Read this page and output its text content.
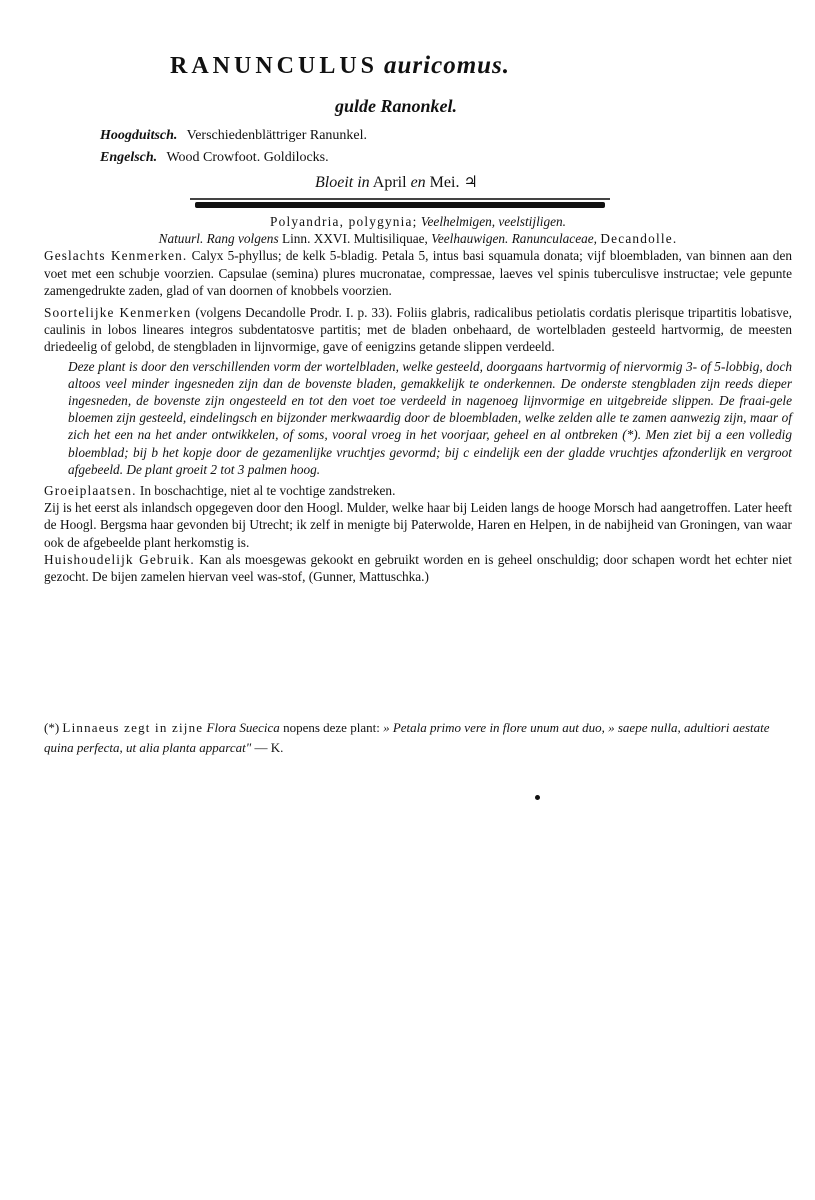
RANUNCULUS auricomus.
gulde Ranonkel.
Hoogduitsch. Verschiedenblättriger Ranunkel.
Engelsch. Wood Crowfoot. Goldilocks.
Bloeit in April en Mei. ♃

Polyandria, polygynia; Veelhelmigen, veelstijligen.

Natuurl. Rang volgens Linn. XXVI. Multisiliquae, Veelhauwigen. Ranunculaceae, Decandolle.

Geslachts Kenmerken. Calyx 5-phyllus; de kelk 5-bladig. Petala 5, intus basi squamula donata; vijf bloembladen, van binnen aan den voet met een schubje voorzien. Capsulae (semina) plures mucronatae, compressae, laeves vel spinis tuberculisve instructae; vele gepunte zamengedrukte zaden, glad of van doornen of knobbels voorzien.

Soortelijke Kenmerken (volgens Decandolle Prodr. I. p. 33). Foliis glabris, radicalibus petiolatis cordatis plerisque tripartitis lobatisve, caulinis in lobos lineares integros subdentatosve partitis; met de bladen onbehaard, de wortelbladen gesteeld hartvormig, de meesten driedeelig of gelobd, de stengbladen in lijnvormige, gave of eenigzins getande slippen verdeeld.

Deze plant is door den verschillenden vorm der wortelbladen, welke gesteeld, doorgaans hartvormig of niervormig 3- of 5-lobbig, doch altoos veel minder ingesneden zijn dan de bovenste bladen, gemakkelijk te onderkennen. De onderste stengbladen zijn reeds dieper ingesneden, de bovenste zijn ongesteeld en tot den voet toe verdeeld in nagenoeg lijnvormige en uitgebreide slippen. De fraai-gele bloemen zijn gesteeld, eindelingsch en bijzonder merkwaardig door de bloembladen, welke zelden alle te zamen aanwezig zijn, maar of zich het een na het ander ontwikkelen, of soms, vooral vroeg in het voorjaar, geheel en al ontbreken (*). Men ziet bij a een volledig bloemblad; bij b het kopje door de gezamenlijke vruchtjes gevormd; bij c eindelijk een der gladde vruchtjes afzonderlijk en vergroot afgebeeld. De plant groeit 2 tot 3 palmen hoog.

Groeiplaatsen. In boschachtige, niet al te vochtige zandstreken.

Zij is het eerst als inlandsch opgegeven door den Hoogl. Mulder, welke haar bij Leiden langs de hooge Morsch had aangetroffen. Later heeft de Hoogl. Bergsma haar gevonden bij Utrecht; ik zelf in menigte bij Paterwolde, Haren en Helpen, in de nabijheid van Groningen, van waar ook de afgebeelde plant herkomstig is.

Huishoudelijk Gebruik. Kan als moesgewas gekookt en gebruikt worden en is geheel onschuldig; door schapen wordt het echter niet gezocht. De bijen zamelen hiervan veel was-stof, (Gunner, Mattuschka.)

(*) Linnaeus zegt in zijne Flora Suecica nopens deze plant: » Petala primo vere in flore unum aut duo, » saepe nulla, adultiori aestate quina perfecta, ut alia planta apparcat" — K.
